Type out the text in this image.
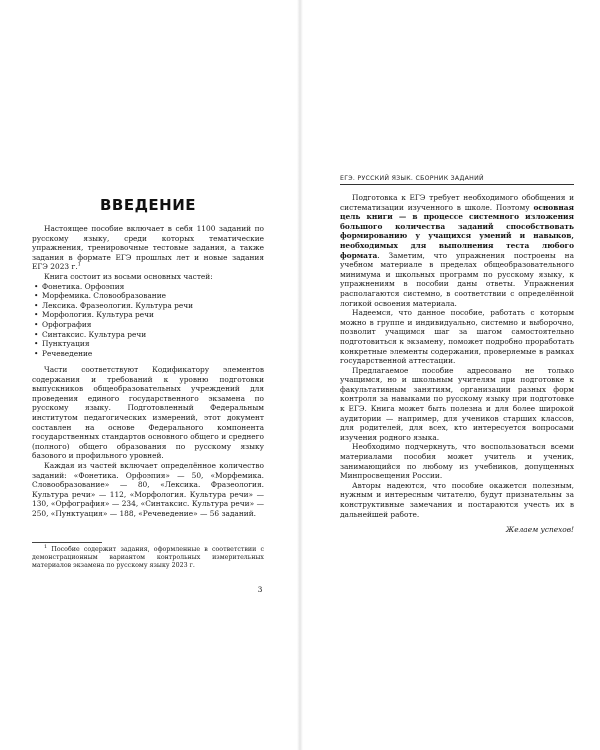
ВВЕДЕНИЕ

Настоящее пособие включает в себя 1100 заданий по русскому языку, среди которых тематические упражнения, тренировочные тестовые задания, а также задания в формате ЕГЭ прошлых лет и новые задания ЕГЭ 2023 г.$^1$

Книга состоит из восьми основных частей:

• Фонетика. Орфоэпия
• Морфемика. Словообразование
• Лексика. Фразеология. Культура речи
• Морфология. Культура речи
• Орфография
• Синтаксис. Культура речи
• Пунктуация
• Речеведение

Части соответствуют Кодификатору элементов содержания и требований к уровню подготовки выпускников общеобразовательных учреждений для проведения единого государственного экзамена по русскому языку. Подготовленный Федеральным институтом педагогических измерений, этот документ составлен на основе Федерального компонента государственных стандартов основного общего и среднего (полного) общего образования по русскому языку базового и профильного уровней.

Каждая из частей включает определённое количество заданий: «Фонетика. Орфоэпия» — 50, «Морфемика. Словообразование» — 80, «Лексика. Фразеология. Культура речи» — 112, «Морфология. Культура речи» — 130, «Орфография» — 234, «Синтаксис. Культура речи» — 250, «Пунктуация» — 188, «Речеведение» — 56 заданий.

$^1$ Пособие содержит задания, оформленные в соответствии с демонстрационным вариантом контрольных измерительных материалов экзамена по русскому языку 2023 г.

3
ЕГЭ. РУССКИЙ ЯЗЫК. СБОРНИК ЗАДАНИЙ

Подготовка к ЕГЭ требует необходимого обобщения и систематизации изученного в школе. Поэтому основная цель книги — в процессе системного изложения большого количества заданий способствовать формированию у учащихся умений и навыков, необходимых для выполнения теста любого формата. Заметим, что упражнения построены на учебном материале в пределах общеобразовательного минимума и школьных программ по русскому языку, к упражнениям в пособии даны ответы. Упражнения располагаются системно, в соответствии с определённой логикой освоения материала.

Надеемся, что данное пособие, работать с которым можно в группе и индивидуально, системно и выборочно, позволит учащимся шаг за шагом самостоятельно подготовиться к экзамену, поможет подробно проработать конкретные элементы содержания, проверяемые в рамках государственной аттестации.

Предлагаемое пособие адресовано не только учащимся, но и школьным учителям при подготовке к факультативным занятиям, организации разных форм контроля за навыками по русскому языку при подготовке к ЕГЭ. Книга может быть полезна и для более широкой аудитории — например, для учеников старших классов, для родителей, для всех, кто интересуется вопросами изучения родного языка.

Необходимо подчеркнуть, что воспользоваться всеми материалами пособия может учитель и ученик, занимающийся по любому из учебников, допущенных Минпросвещения России.

Авторы надеются, что пособие окажется полезным, нужным и интересным читателю, будут признательны за конструктивные замечания и постараются учесть их в дальнейшей работе.

Желаем успехов!
